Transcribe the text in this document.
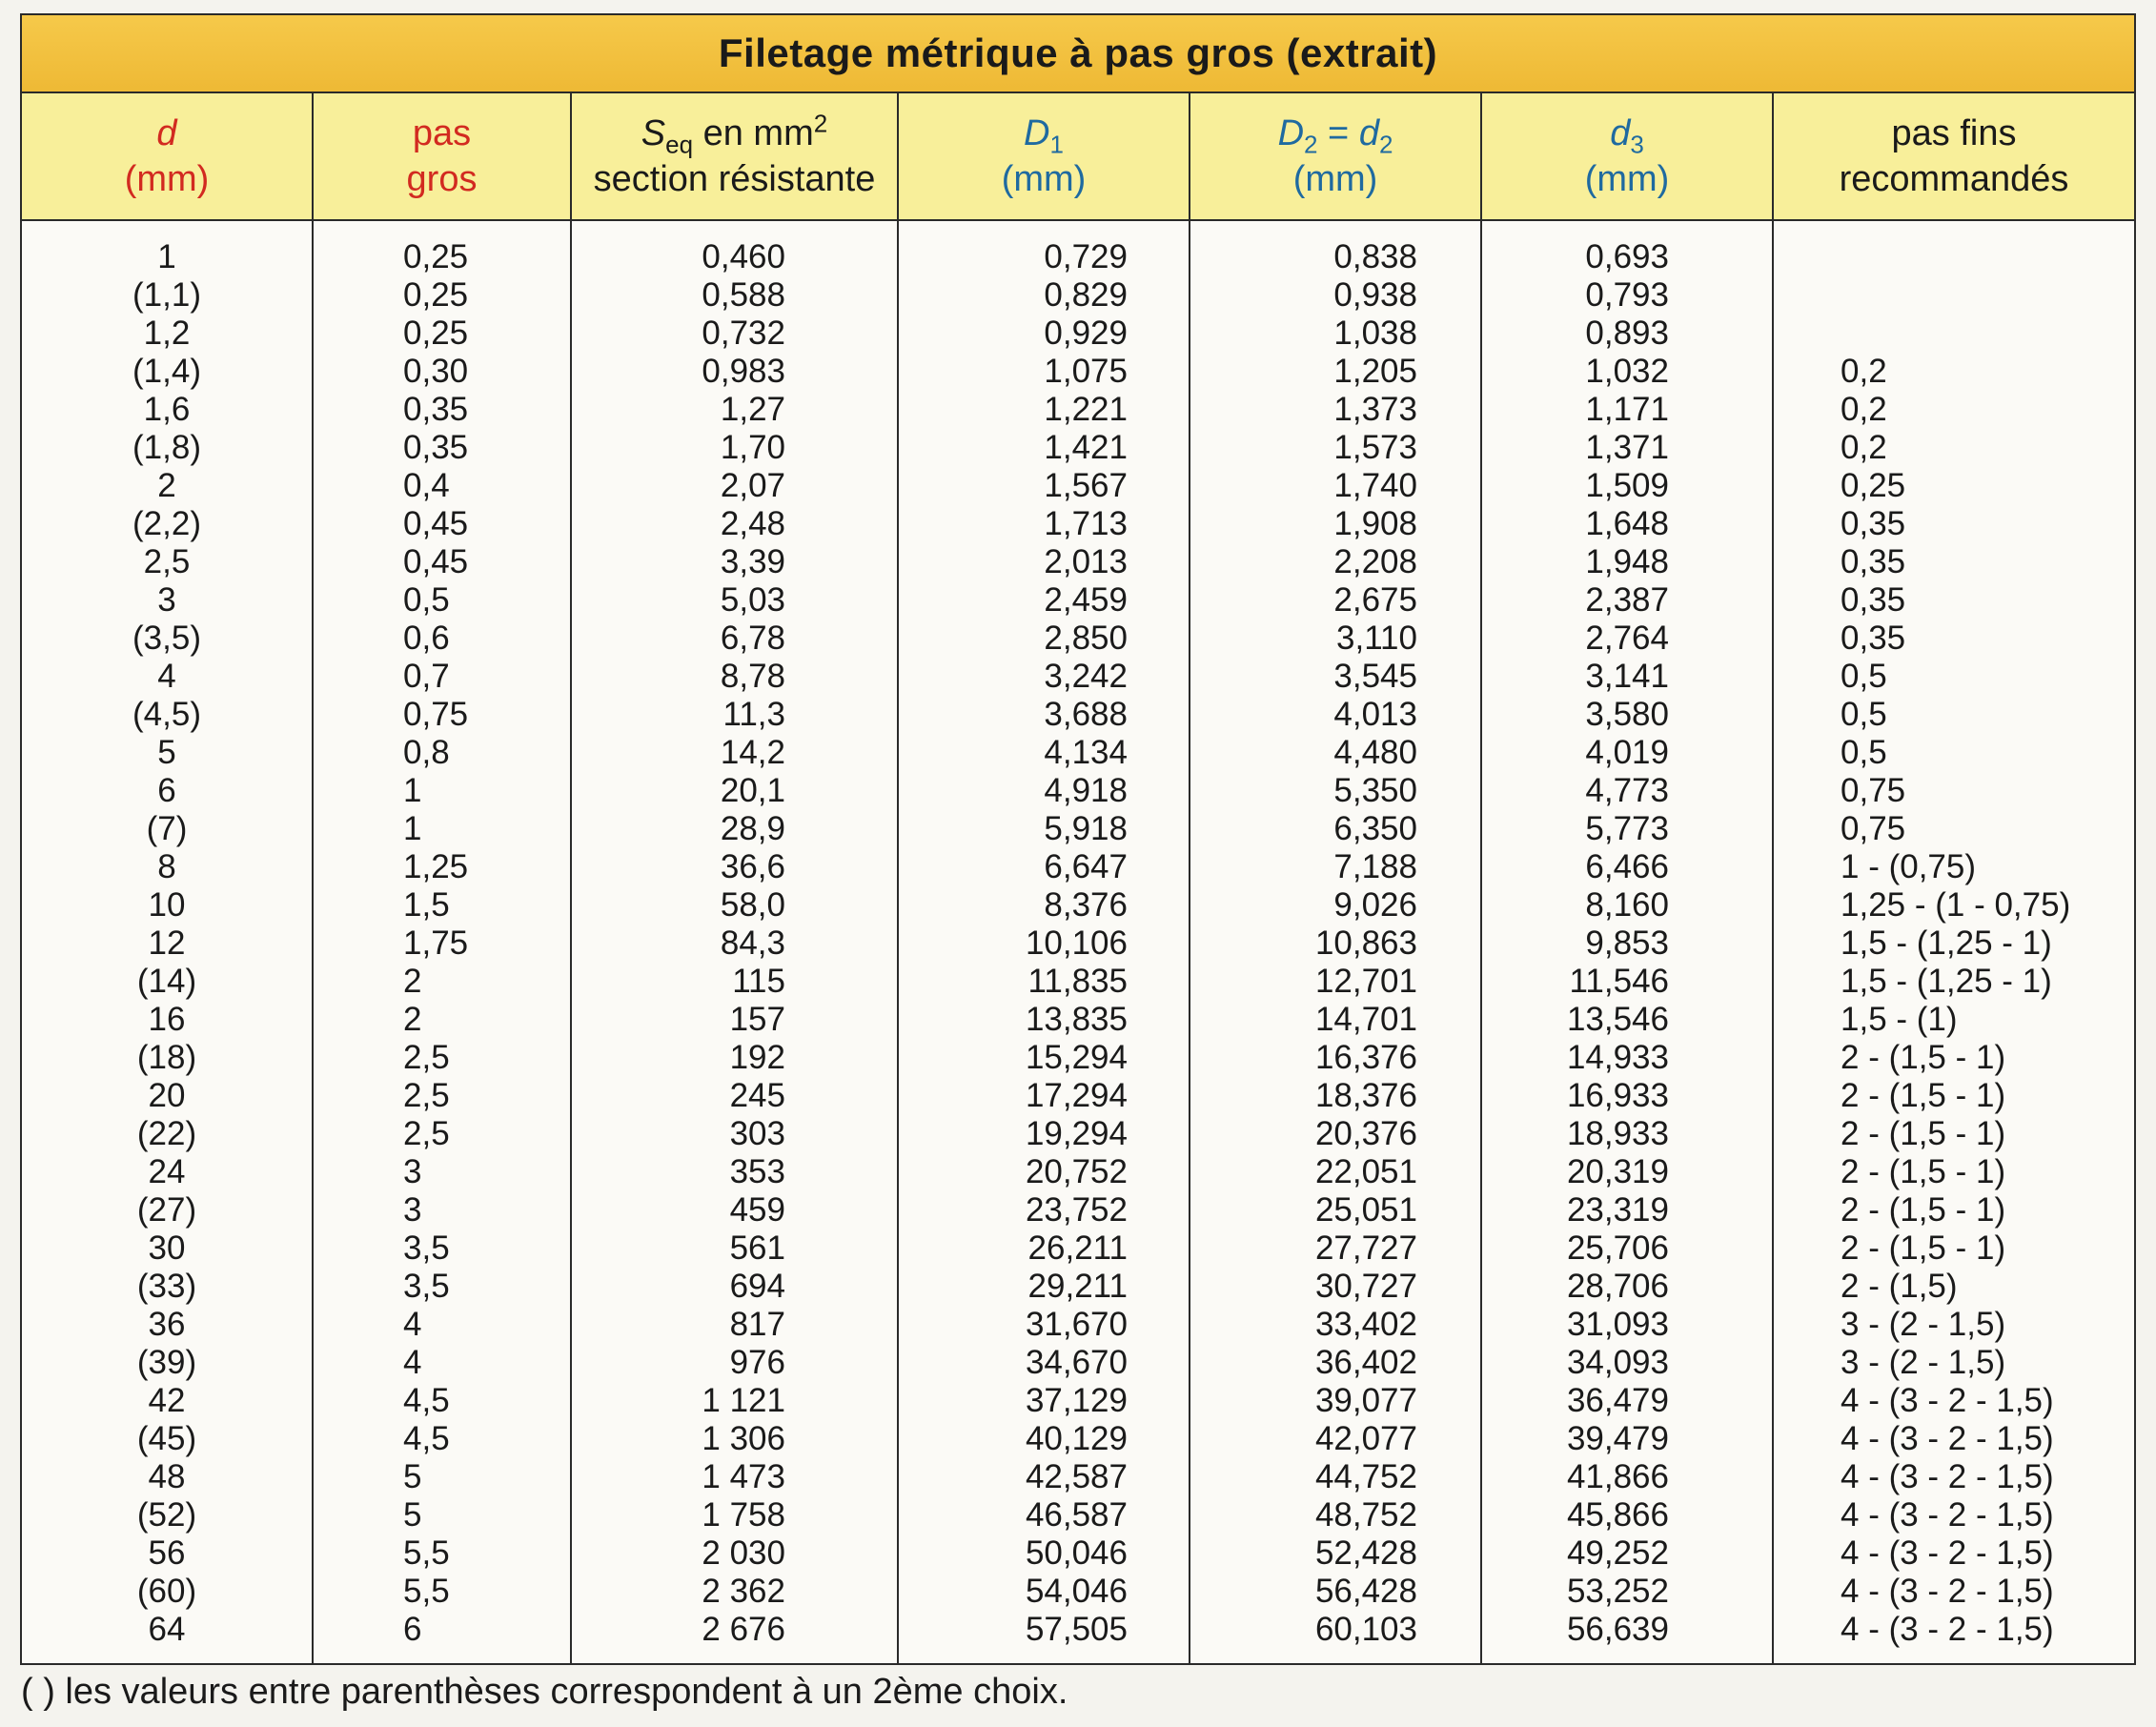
Filetage métrique à pas gros (extrait)
d
(mm)
pas
gros
$S_{eq}$ en $mm^2$
section résistante
$D_1$
(mm)
$D_2 = d_2$
(mm)
$d_3$
(mm)
pas fins
recommandés
1
(1,1)
1,2
(1,4)
1,6
(1,8)
2
(2,2)
2,5
3
(3,5)
4
(4,5)
5
6
(7)
8
10
12
(14)
16
(18)
20
(22)
24
(27)
30
(33)
36
(39)
42
(45)
48
(52)
56
(60)
64
0,25
0,25
0,25
0,30
0,35
0,35
0,4
0,45
0,45
0,5
0,6
0,7
0,75
0,8
1
1
1,25
1,5
1,75
2
2
2,5
2,5
2,5
3
3
3,5
3,5
4
4
4,5
4,5
5
5
5,5
5,5
6
0,460
0,588
0,732
0,983
1,27
1,70
2,07
2,48
3,39
5,03
6,78
8,78
11,3
14,2
20,1
28,9
36,6
58,0
84,3
115
157
192
245
303
353
459
561
694
817
976
1 121
1 306
1 473
1 758
2 030
2 362
2 676
0,729
0,829
0,929
1,075
1,221
1,421
1,567
1,713
2,013
2,459
2,850
3,242
3,688
4,134
4,918
5,918
6,647
8,376
10,106
11,835
13,835
15,294
17,294
19,294
20,752
23,752
26,211
29,211
31,670
34,670
37,129
40,129
42,587
46,587
50,046
54,046
57,505
0,838
0,938
1,038
1,205
1,373
1,573
1,740
1,908
2,208
2,675
3,110
3,545
4,013
4,480
5,350
6,350
7,188
9,026
10,863
12,701
14,701
16,376
18,376
20,376
22,051
25,051
27,727
30,727
33,402
36,402
39,077
42,077
44,752
48,752
52,428
56,428
60,103
0,693
0,793
0,893
1,032
1,171
1,371
1,509
1,648
1,948
2,387
2,764
3,141
3,580
4,019
4,773
5,773
6,466
8,160
9,853
11,546
13,546
14,933
16,933
18,933
20,319
23,319
25,706
28,706
31,093
34,093
36,479
39,479
41,866
45,866
49,252
53,252
56,639
0,2
0,2
0,2
0,25
0,35
0,35
0,35
0,35
0,5
0,5
0,5
0,75
0,75
1 - (0,75)
1,25 - (1 - 0,75)
1,5 - (1,25 - 1)
1,5 - (1,25 - 1)
1,5 - (1)
2 - (1,5 - 1)
2 - (1,5 - 1)
2 - (1,5 - 1)
2 - (1,5 - 1)
2 - (1,5 - 1)
2 - (1,5 - 1)
2 - (1,5)
3 - (2 - 1,5)
3 - (2 - 1,5)
4 - (3 - 2 - 1,5)
4 - (3 - 2 - 1,5)
4 - (3 - 2 - 1,5)
4 - (3 - 2 - 1,5)
4 - (3 - 2 - 1,5)
4 - (3 - 2 - 1,5)
4 - (3 - 2 - 1,5)
( ) les valeurs entre parenthèses correspondent à un 2ème choix.
